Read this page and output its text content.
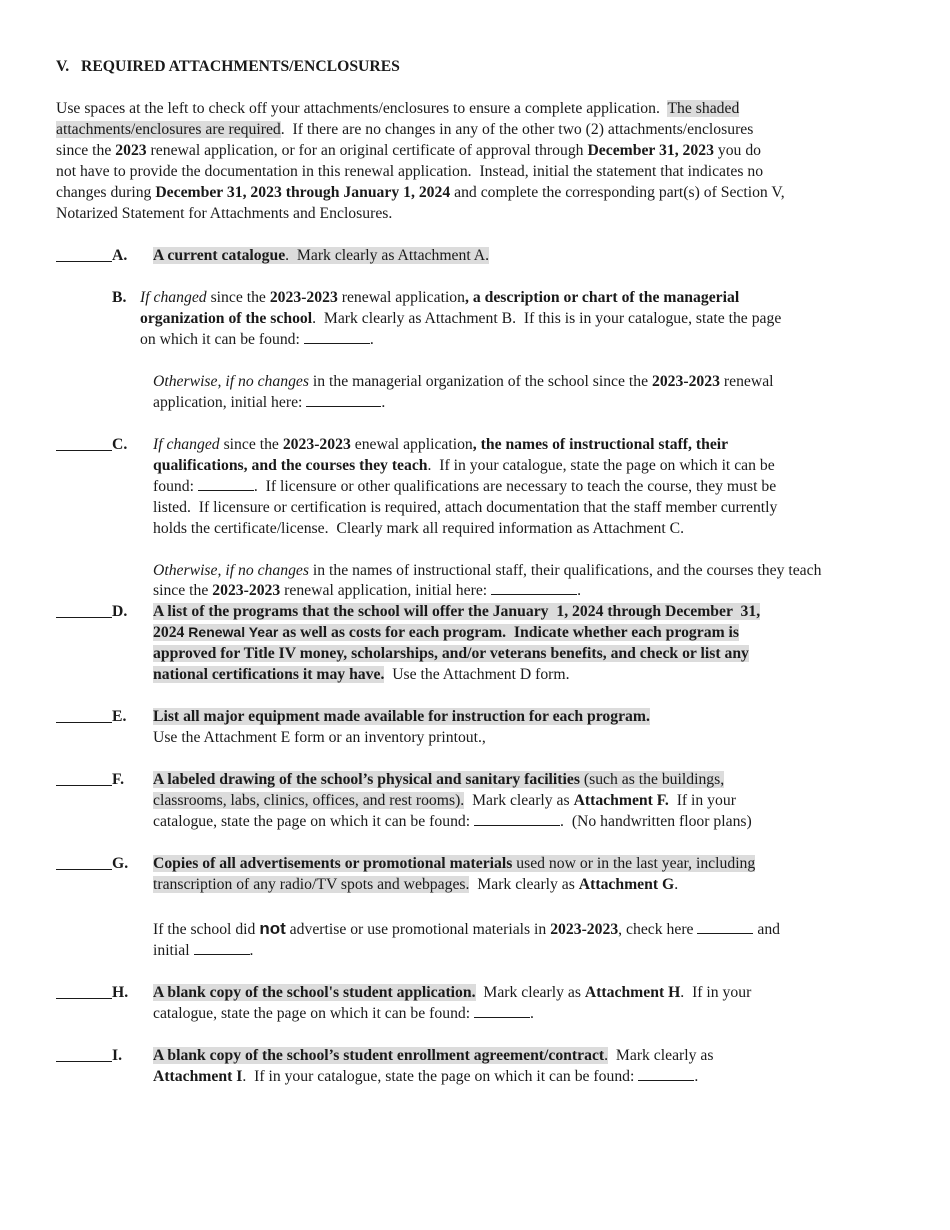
V. REQUIRED ATTACHMENTS/ENCLOSURES
Use spaces at the left to check off your attachments/enclosures to ensure a complete application.  The shaded
attachments/enclosures are required.  If there are no changes in any of the other two (2) attachments/enclosures
since the 2023 renewal application, or for an original certificate of approval through December 31, 2023 you do
not have to provide the documentation in this renewal application.  Instead, initial the statement that indicates no
changes during December 31, 2023 through January 1, 2024 and complete the corresponding part(s) of Section V,
Notarized Statement for Attachments and Enclosures.
A. A current catalogue.  Mark clearly as Attachment A.
B. If changed since the 2023-2023 renewal application, a description or chart of the managerial
organization of the school.  Mark clearly as Attachment B.  If this is in your catalogue, state the page
on which it can be found:	.
Otherwise, if no changes in the managerial organization of the school since the 2023-2023 renewal
application, initial here:	.
C. If changed since the 2023-2023 enewal application, the names of instructional staff, their
qualifications, and the courses they teach.  If in your catalogue, state the page on which it can be
found:	.  If licensure or other qualifications are necessary to teach the course, they must be
listed.  If licensure or certification is required, attach documentation that the staff member currently
holds the certificate/license.  Clearly mark all required information as Attachment C.
Otherwise, if no changes in the names of instructional staff, their qualifications, and the courses they teach
since the 2023-2023 renewal application, initial here:	.
D. A list of the programs that the school will offer the January  1, 2024 through December  31,
2024 Renewal Year as well as costs for each program.  Indicate whether each program is
approved for Title IV money, scholarships, and/or veterans benefits, and check or list any
national certifications it may have.  Use the Attachment D form.
E. List all major equipment made available for instruction for each program.
Use the Attachment E form or an inventory printout.,
F. A labeled drawing of the school’s physical and sanitary facilities (such as the buildings,
classrooms, labs, clinics, offices, and rest rooms).  Mark clearly as Attachment F.  If in your
catalogue, state the page on which it can be found:	.  (No handwritten floor plans)
G. Copies of all advertisements or promotional materials used now or in the last year, including
transcription of any radio/TV spots and webpages.  Mark clearly as Attachment G.
If the school did not advertise or use promotional materials in 2023-2023, check here	and
initial	.
H. A blank copy of the school's student application.  Mark clearly as Attachment H.  If in your
catalogue, state the page on which it can be found:	.
I. A blank copy of the school’s student enrollment agreement/contract.  Mark clearly as
Attachment I.  If in your catalogue, state the page on which it can be found:	.
